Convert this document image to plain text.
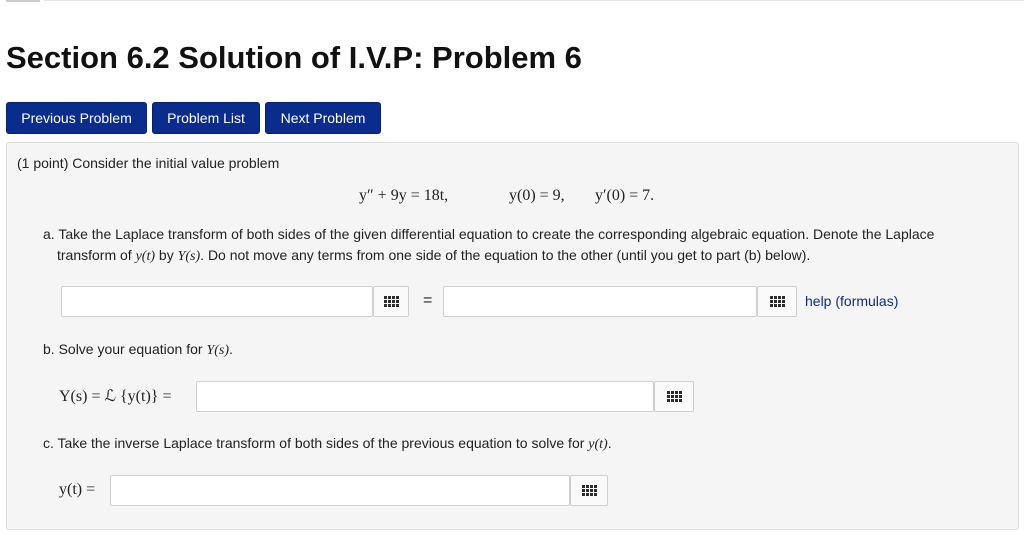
Section 6.2 Solution of I.V.P: Problem 6
Previous Problem	Problem List	Next Problem
(1 point) Consider the initial value problem
y″ + 9y = 18t,	y(0) = 9, y′(0) = 7.
a. Take the Laplace transform of both sides of the given differential equation to create the corresponding algebraic equation. Denote the Laplace
transform of y(t) by Y(s). Do not move any terms from one side of the equation to the other (until you get to part (b) below).
=	help (formulas)
b. Solve your equation for Y(s).
Y(s) = ℒ {y(t)} =
c. Take the inverse Laplace transform of both sides of the previous equation to solve for y(t).
y(t) =
